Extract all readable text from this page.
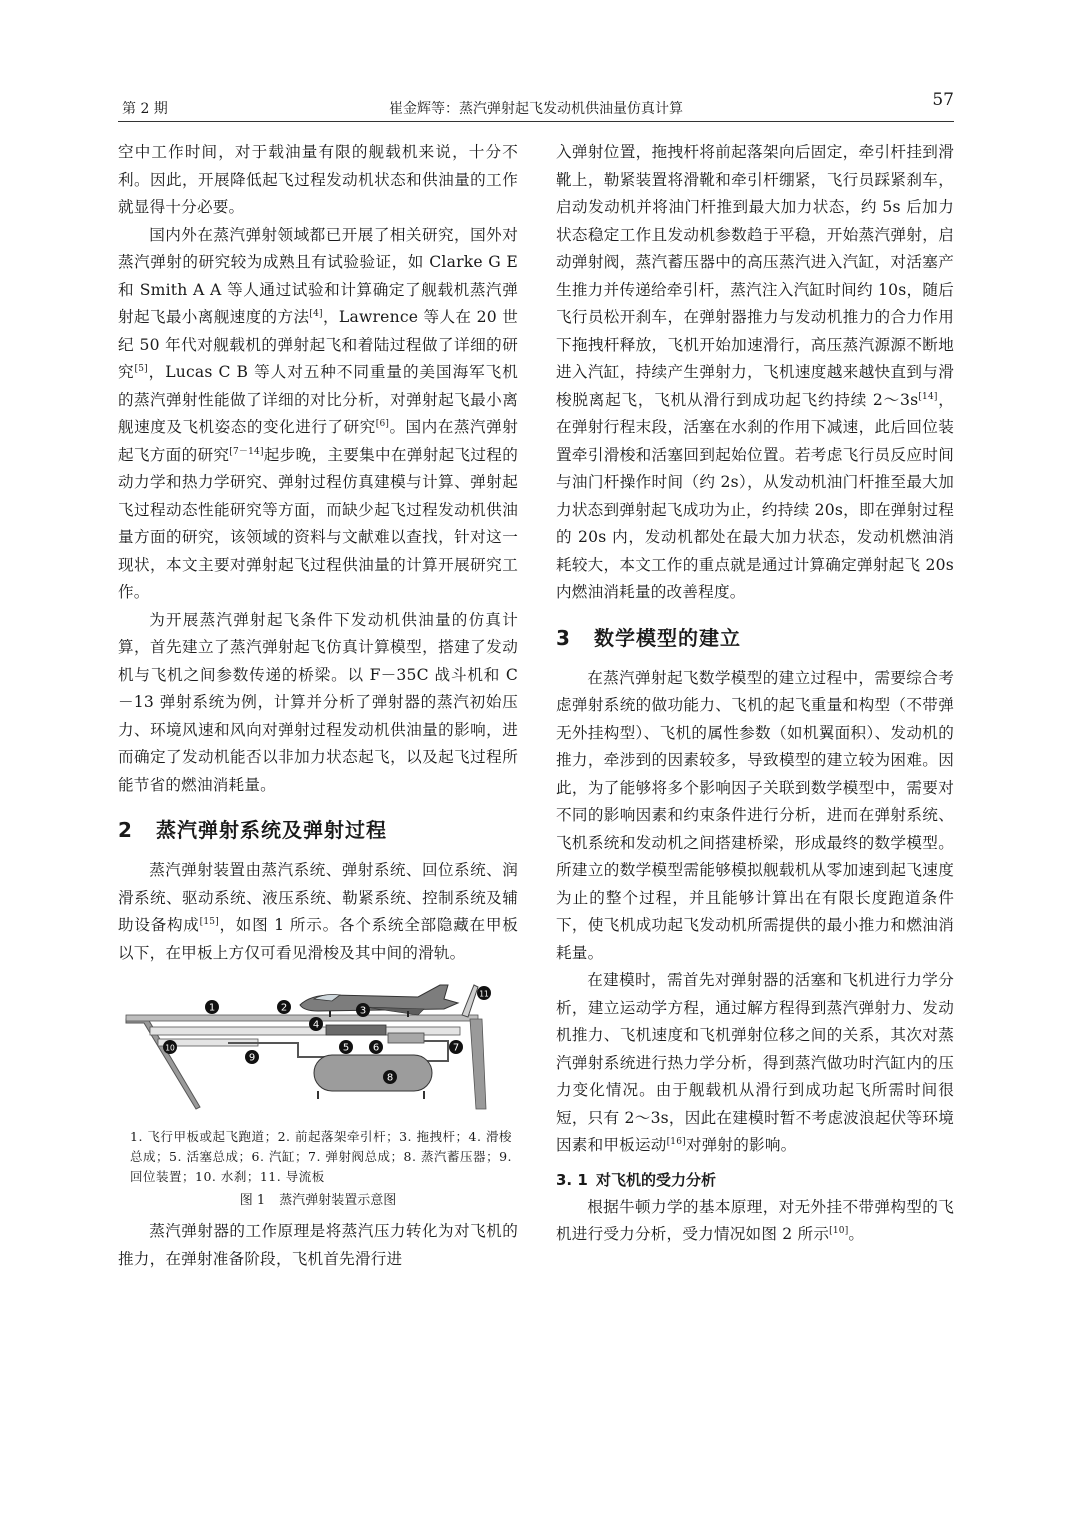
第 2 期	崔金辉等：蒸汽弹射起飞发动机供油量仿真计算	57

空中工作时间，对于载油量有限的舰载机来说，十分不利。因此，开展降低起飞过程发动机状态和供油量的工作就显得十分必要。

国内外在蒸汽弹射领域都已开展了相关研究，国外对蒸汽弹射的研究较为成熟且有试验验证，如 Clarke G E 和 Smith A A 等人通过试验和计算确定了舰载机蒸汽弹射起飞最小离舰速度的方法[4]，Lawrence 等人在 20 世纪 50 年代对舰载机的弹射起飞和着陆过程做了详细的研究[5]，Lucas C B 等人对五种不同重量的美国海军飞机的蒸汽弹射性能做了详细的对比分析，对弹射起飞最小离舰速度及飞机姿态的变化进行了研究[6]。国内在蒸汽弹射起飞方面的研究[7－14]起步晚，主要集中在弹射起飞过程的动力学和热力学研究、弹射过程仿真建模与计算、弹射起飞过程动态性能研究等方面，而缺少起飞过程发动机供油量方面的研究，该领域的资料与文献难以查找，针对这一现状，本文主要对弹射起飞过程供油量的计算开展研究工作。

为开展蒸汽弹射起飞条件下发动机供油量的仿真计算，首先建立了蒸汽弹射起飞仿真计算模型，搭建了发动机与飞机之间参数传递的桥梁。以 F－35C 战斗机和 C－13 弹射系统为例，计算并分析了弹射器的蒸汽初始压力、环境风速和风向对弹射过程发动机供油量的影响，进而确定了发动机能否以非加力状态起飞，以及起飞过程所能节省的燃油消耗量。

2 蒸汽弹射系统及弹射过程

蒸汽弹射装置由蒸汽系统、弹射系统、回位系统、润滑系统、驱动系统、液压系统、勒紧系统、控制系统及辅助设备构成[15]，如图 1 所示。各个系统全部隐藏在甲板以下，在甲板上方仅可看见滑梭及其中间的滑轨。

1	2	3
4
5 6	7
8
9
10
11
1. 飞行甲板或起飞跑道；2. 前起落架牵引杆；3. 拖拽杆；4. 滑梭总成；5. 活塞总成；6. 汽缸；7. 弹射阀总成；8. 蒸汽蓄压器；9. 回位装置；10. 水刹；11. 导流板
图 1 蒸汽弹射装置示意图

蒸汽弹射器的工作原理是将蒸汽压力转化为对飞机的推力，在弹射准备阶段，飞机首先滑行进

入弹射位置，拖拽杆将前起落架向后固定，牵引杆挂到滑靴上，勒紧装置将滑靴和牵引杆绷紧，飞行员踩紧刹车，启动发动机并将油门杆推到最大加力状态，约 5s 后加力状态稳定工作且发动机参数趋于平稳，开始蒸汽弹射，启动弹射阀，蒸汽蓄压器中的高压蒸汽进入汽缸，对活塞产生推力并传递给牵引杆，蒸汽注入汽缸时间约 10s，随后飞行员松开刹车，在弹射器推力与发动机推力的合力作用下拖拽杆释放，飞机开始加速滑行，高压蒸汽源源不断地进入汽缸，持续产生弹射力，飞机速度越来越快直到与滑梭脱离起飞，飞机从滑行到成功起飞约持续 2～3s[14]，在弹射行程末段，活塞在水刹的作用下减速，此后回位装置牵引滑梭和活塞回到起始位置。若考虑飞行员反应时间与油门杆操作时间（约 2s），从发动机油门杆推至最大加力状态到弹射起飞成功为止，约持续 20s，即在弹射过程的 20s 内，发动机都处在最大加力状态，发动机燃油消耗较大，本文工作的重点就是通过计算确定弹射起飞 20s 内燃油消耗量的改善程度。

3 数学模型的建立

在蒸汽弹射起飞数学模型的建立过程中，需要综合考虑弹射系统的做功能力、飞机的起飞重量和构型（不带弹无外挂构型）、飞机的属性参数（如机翼面积）、发动机的推力，牵涉到的因素较多，导致模型的建立较为困难。因此，为了能够将多个影响因子关联到数学模型中，需要对不同的影响因素和约束条件进行分析，进而在弹射系统、飞机系统和发动机之间搭建桥梁，形成最终的数学模型。所建立的数学模型需能够模拟舰载机从零加速到起飞速度为止的整个过程，并且能够计算出在有限长度跑道条件下，使飞机成功起飞发动机所需提供的最小推力和燃油消耗量。

在建模时，需首先对弹射器的活塞和飞机进行力学分析，建立运动学方程，通过解方程得到蒸汽弹射力、发动机推力、飞机速度和飞机弹射位移之间的关系，其次对蒸汽弹射系统进行热力学分析，得到蒸汽做功时汽缸内的压力变化情况。由于舰载机从滑行到成功起飞所需时间很短，只有 2～3s，因此在建模时暂不考虑波浪起伏等环境因素和甲板运动[16]对弹射的影响。

3. 1 对飞机的受力分析

根据牛顿力学的基本原理，对无外挂不带弹构型的飞机进行受力分析，受力情况如图 2 所示[10]。
